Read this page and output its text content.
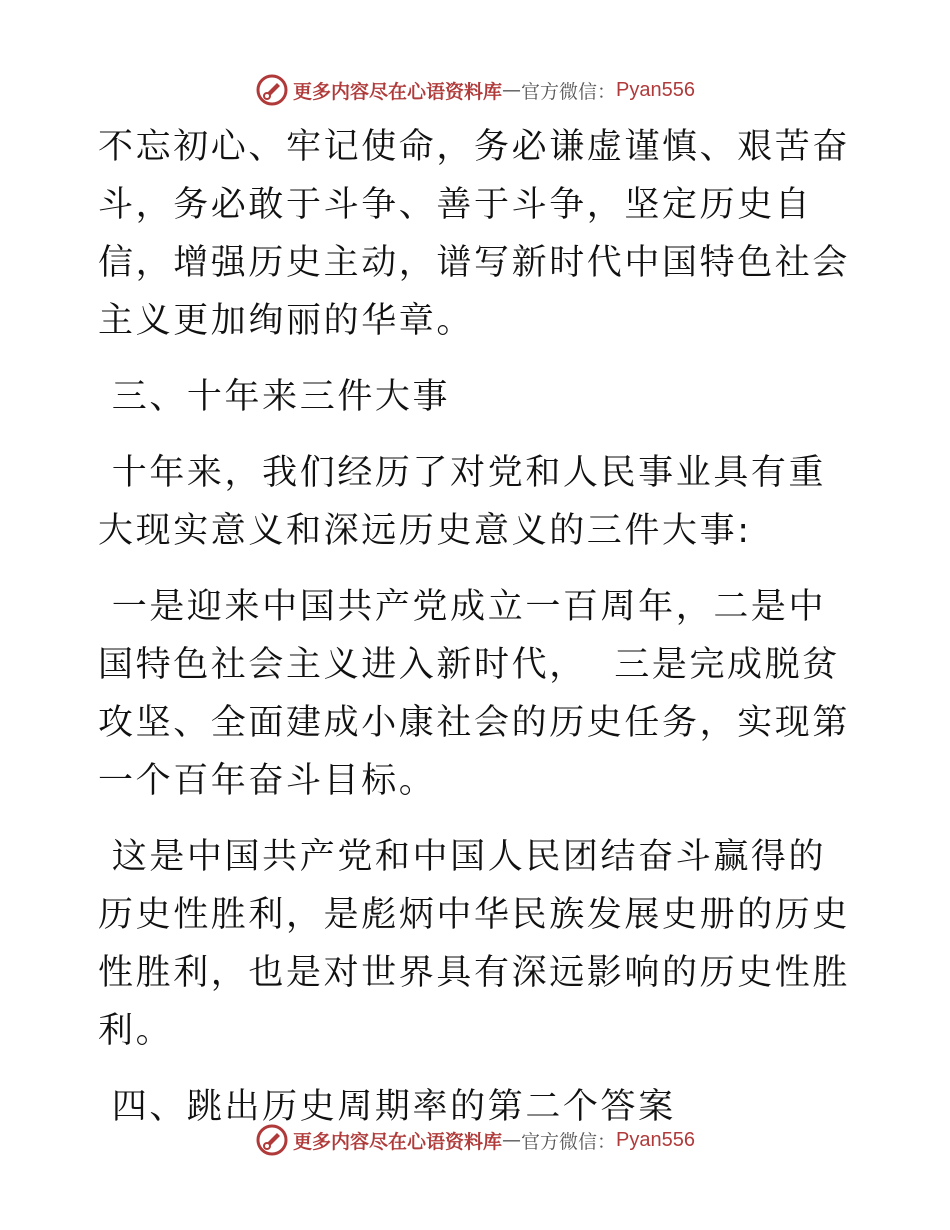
更多内容尽在心语资料库 — 官方微信： Pyan556

不忘初心、牢记使命，务必谦虚谨慎、艰苦奋斗，务必敢于斗争、善于斗争，坚定历史自信，增强历史主动，谱写新时代中国特色社会主义更加绚丽的华章。

三、十年来三件大事

十年来，我们经历了对党和人民事业具有重大现实意义和深远历史意义的三件大事:

一是迎来中国共产党成立一百周年，二是中国特色社会主义进入新时代，  三是完成脱贫攻坚、全面建成小康社会的历史任务，实现第一个百年奋斗目标。

这是中国共产党和中国人民团结奋斗赢得的历史性胜利，是彪炳中华民族发展史册的历史性胜利，也是对世界具有深远影响的历史性胜利。

四、跳出历史周期率的第二个答案

更多内容尽在心语资料库 — 官方微信： Pyan556
